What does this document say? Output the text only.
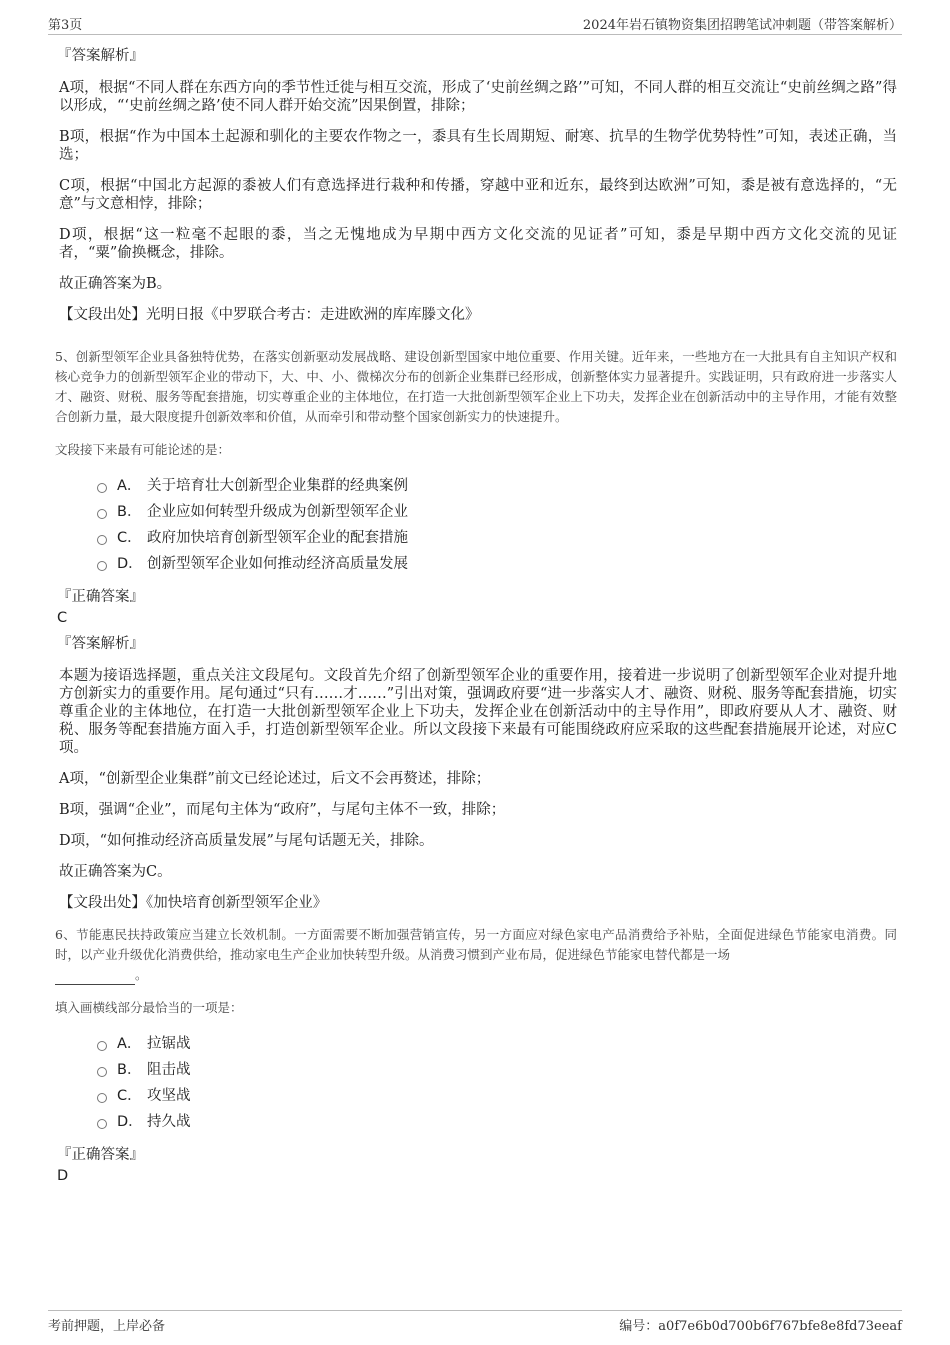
第3页	2024年岩石镇物资集团招聘笔试冲刺题（带答案解析）
『答案解析』

A项，根据“不同人群在东西方向的季节性迁徙与相互交流，形成了‘史前丝绸之路’”可知，不同人群的相互交流让“史前丝绸之路”得以形成，“‘史前丝绸之路’使不同人群开始交流”因果倒置，排除；

B项，根据“作为中国本土起源和驯化的主要农作物之一，黍具有生长周期短、耐寒、抗旱的生物学优势特性”可知，表述正确，当选；

C项，根据“中国北方起源的黍被人们有意选择进行栽种和传播，穿越中亚和近东，最终到达欧洲”可知，黍是被有意选择的，“无意”与文意相悖，排除；

D项，根据“这一粒毫不起眼的黍，当之无愧地成为早期中西方文化交流的见证者”可知，黍是早期中西方文化交流的见证者，“粟”偷换概念，排除。

故正确答案为B。

【文段出处】光明日报《中罗联合考古：走进欧洲的库库滕文化》

5、创新型领军企业具备独特优势，在落实创新驱动发展战略、建设创新型国家中地位重要、作用关键。近年来，一些地方在一大批具有自主知识产权和核心竞争力的创新型领军企业的带动下，大、中、小、微梯次分布的创新企业集群已经形成，创新整体实力显著提升。实践证明，只有政府进一步落实人才、融资、财税、服务等配套措施，切实尊重企业的主体地位，在打造一大批创新型领军企业上下功夫，发挥企业在创新活动中的主导作用，才能有效整合创新力量，最大限度提升创新效率和价值，从而牵引和带动整个国家创新实力的快速提升。

文段接下来最有可能论述的是：

A． 关于培育壮大创新型企业集群的经典案例
B． 企业应如何转型升级成为创新型领军企业
C． 政府加快培育创新型领军企业的配套措施
D． 创新型领军企业如何推动经济高质量发展
『正确答案』
C
『答案解析』

本题为接语选择题，重点关注文段尾句。文段首先介绍了创新型领军企业的重要作用，接着进一步说明了创新型领军企业对提升地方创新实力的重要作用。尾句通过“只有……才……”引出对策，强调政府要“进一步落实人才、融资、财税、服务等配套措施，切实尊重企业的主体地位，在打造一大批创新型领军企业上下功夫，发挥企业在创新活动中的主导作用”，即政府要从人才、融资、财税、服务等配套措施方面入手，打造创新型领军企业。所以文段接下来最有可能围绕政府应采取的这些配套措施展开论述，对应C项。

A项，“创新型企业集群”前文已经论述过，后文不会再赘述，排除；

B项，强调“企业”，而尾句主体为“政府”，与尾句主体不一致，排除；

D项，“如何推动经济高质量发展”与尾句话题无关，排除。

故正确答案为C。

【文段出处】《加快培育创新型领军企业》

6、节能惠民扶持政策应当建立长效机制。一方面需要不断加强营销宣传，另一方面应对绿色家电产品消费给予补贴，全面促进绿色节能家电消费。同时，以产业升级优化消费供给，推动家电生产企业加快转型升级。从消费习惯到产业布局，促进绿色节能家电替代都是一场
。

填入画横线部分最恰当的一项是：

A． 拉锯战
B． 阻击战
C． 攻坚战
D． 持久战
『正确答案』
D
考前押题，上岸必备	编号：a0f7e6b0d700b6f767bfe8e8fd73eeaf
